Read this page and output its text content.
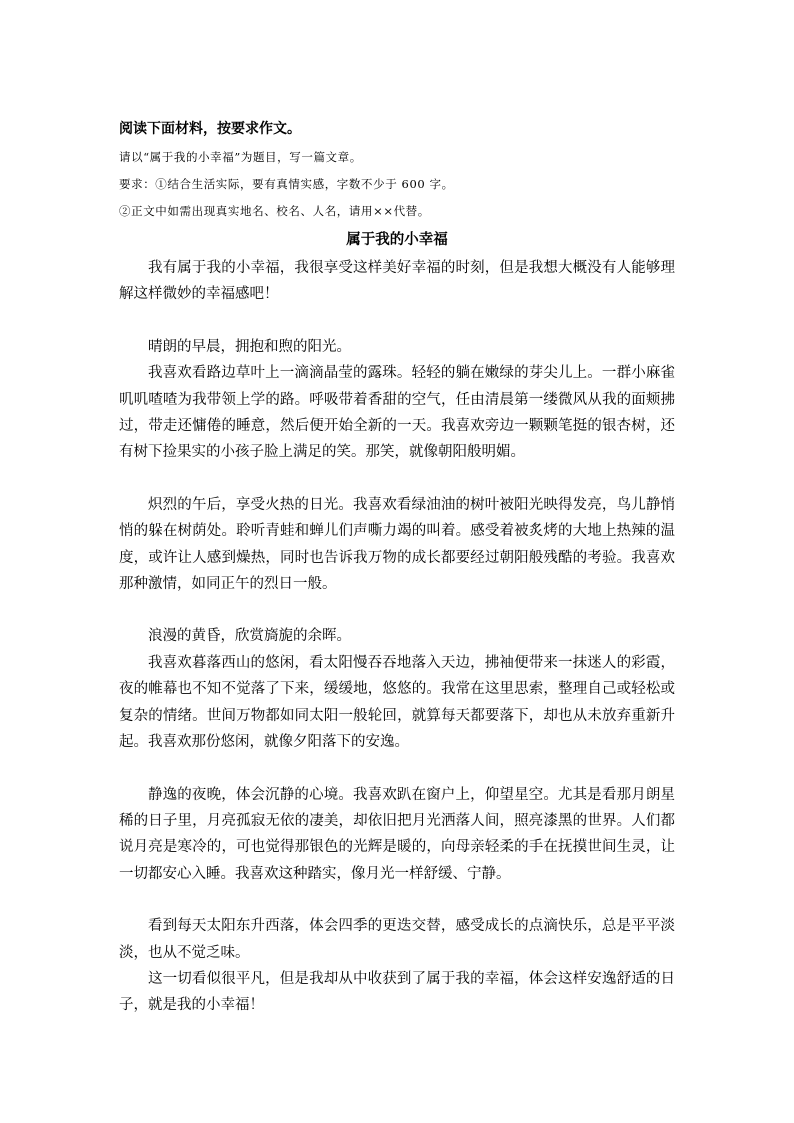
阅读下面材料，按要求作文。
请以“属于我的小幸福”为题目，写一篇文章。
要求：①结合生活实际，要有真情实感，字数不少于 600 字。
②正文中如需出现真实地名、校名、人名，请用××代替。
属于我的小幸福

我有属于我的小幸福，我很享受这样美好幸福的时刻，但是我想大概没有人能够理解这样微妙的幸福感吧！

晴朗的早晨，拥抱和煦的阳光。

我喜欢看路边草叶上一滴滴晶莹的露珠。轻轻的躺在嫩绿的芽尖儿上。一群小麻雀叽叽喳喳为我带领上学的路。呼吸带着香甜的空气，任由清晨第一缕微风从我的面颊拂过，带走还慵倦的睡意，然后便开始全新的一天。我喜欢旁边一颗颗笔挺的银杏树，还有树下捡果实的小孩子脸上满足的笑。那笑，就像朝阳般明媚。

炽烈的午后，享受火热的日光。我喜欢看绿油油的树叶被阳光映得发亮，鸟儿静悄悄的躲在树荫处。聆听青蛙和蝉儿们声嘶力竭的叫着。感受着被炙烤的大地上热辣的温度，或许让人感到燥热，同时也告诉我万物的成长都要经过朝阳般残酷的考验。我喜欢那种激情，如同正午的烈日一般。

浪漫的黄昏，欣赏旖旎的余晖。

我喜欢暮落西山的悠闲，看太阳慢吞吞地落入天边，拂袖便带来一抹迷人的彩霞，夜的帷幕也不知不觉落了下来，缓缓地，悠悠的。我常在这里思索，整理自己或轻松或复杂的情绪。世间万物都如同太阳一般轮回，就算每天都要落下，却也从未放弃重新升起。我喜欢那份悠闲，就像夕阳落下的安逸。

静逸的夜晚，体会沉静的心境。我喜欢趴在窗户上，仰望星空。尤其是看那月朗星稀的日子里，月亮孤寂无依的凄美，却依旧把月光洒落人间，照亮漆黑的世界。人们都说月亮是寒冷的，可也觉得那银色的光辉是暖的，向母亲轻柔的手在抚摸世间生灵，让一切都安心入睡。我喜欢这种踏实，像月光一样舒缓、宁静。

看到每天太阳东升西落，体会四季的更迭交替，感受成长的点滴快乐，总是平平淡淡，也从不觉乏味。

这一切看似很平凡，但是我却从中收获到了属于我的幸福，体会这样安逸舒适的日子，就是我的小幸福！
